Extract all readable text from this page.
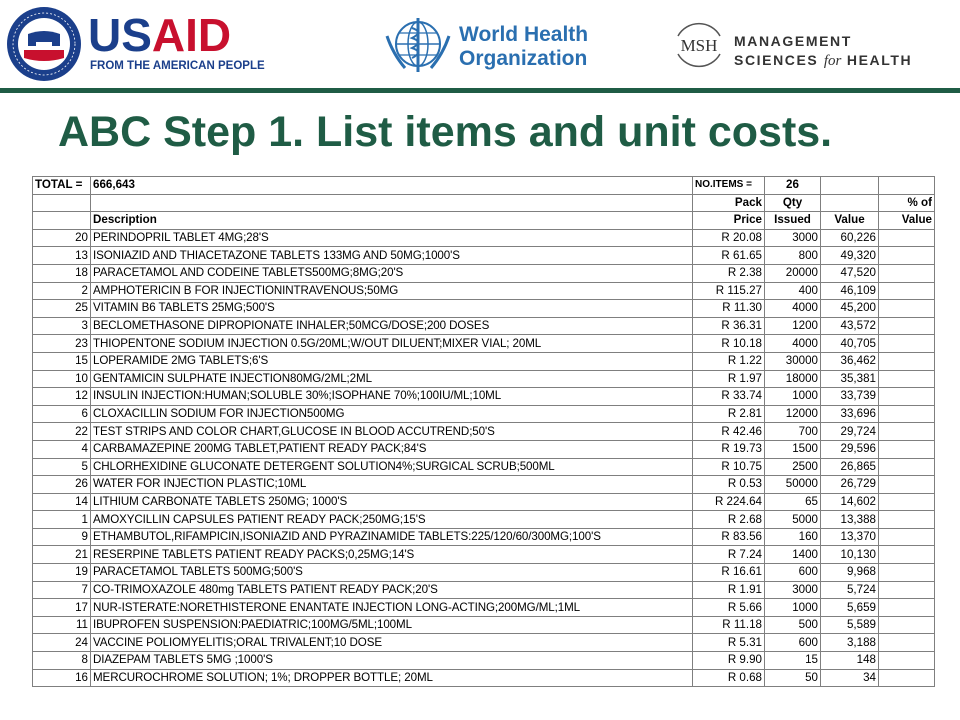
USAID
FROM THE AMERICAN PEOPLE
World Health
Organization
MSH MANAGEMENT
SCIENCES for HEALTH
ABC Step 1. List items and unit costs.
TOTAL =	666,643	NO.ITEMS =	26		
		Pack	Qty		% of
	Description	Price	Issued	Value	Value
20	PERINDOPRIL TABLET 4MG;28'S	R 20.08	3000	60,226	
13	ISONIAZID AND THIACETAZONE TABLETS 133MG AND 50MG;1000'S	R 61.65	800	49,320	
18	PARACETAMOL AND CODEINE TABLETS500MG;8MG;20'S	R 2.38	20000	47,520	
2	AMPHOTERICIN B FOR INJECTIONINTRAVENOUS;50MG	R 115.27	400	46,109	
25	VITAMIN B6 TABLETS 25MG;500'S	R 11.30	4000	45,200	
3	BECLOMETHASONE DIPROPIONATE INHALER;50MCG/DOSE;200 DOSES	R 36.31	1200	43,572	
23	THIOPENTONE SODIUM INJECTION 0.5G/20ML;W/OUT DILUENT;MIXER VIAL; 20ML	R 10.18	4000	40,705	
15	LOPERAMIDE 2MG TABLETS;6'S	R 1.22	30000	36,462	
10	GENTAMICIN SULPHATE INJECTION80MG/2ML;2ML	R 1.97	18000	35,381	
12	INSULIN INJECTION:HUMAN;SOLUBLE 30%;ISOPHANE 70%;100IU/ML;10ML	R 33.74	1000	33,739	
6	CLOXACILLIN SODIUM FOR INJECTION500MG	R 2.81	12000	33,696	
22	TEST STRIPS AND COLOR CHART,GLUCOSE IN BLOOD ACCUTREND;50'S	R 42.46	700	29,724	
4	CARBAMAZEPINE 200MG TABLET,PATIENT READY PACK;84'S	R 19.73	1500	29,596	
5	CHLORHEXIDINE GLUCONATE DETERGENT SOLUTION4%;SURGICAL SCRUB;500ML	R 10.75	2500	26,865	
26	WATER FOR INJECTION PLASTIC;10ML	R 0.53	50000	26,729	
14	LITHIUM CARBONATE TABLETS 250MG; 1000'S	R 224.64	65	14,602	
1	AMOXYCILLIN CAPSULES PATIENT READY PACK;250MG;15'S	R 2.68	5000	13,388	
9	ETHAMBUTOL,RIFAMPICIN,ISONIAZID AND PYRAZINAMIDE TABLETS:225/120/60/300MG;100'S	R 83.56	160	13,370	
21	RESERPINE TABLETS PATIENT READY PACKS;0,25MG;14'S	R 7.24	1400	10,130	
19	PARACETAMOL TABLETS 500MG;500'S	R 16.61	600	9,968	
7	CO-TRIMOXAZOLE 480mg TABLETS PATIENT READY PACK;20'S	R 1.91	3000	5,724	
17	NUR-ISTERATE:NORETHISTERONE ENANTATE INJECTION LONG-ACTING;200MG/ML;1ML	R 5.66	1000	5,659	
11	IBUPROFEN SUSPENSION:PAEDIATRIC;100MG/5ML;100ML	R 11.18	500	5,589	
24	VACCINE POLIOMYELITIS;ORAL TRIVALENT;10 DOSE	R 5.31	600	3,188	
8	DIAZEPAM TABLETS 5MG ;1000'S	R 9.90	15	148	
16	MERCUROCHROME SOLUTION; 1%; DROPPER BOTTLE; 20ML	R 0.68	50	34	
